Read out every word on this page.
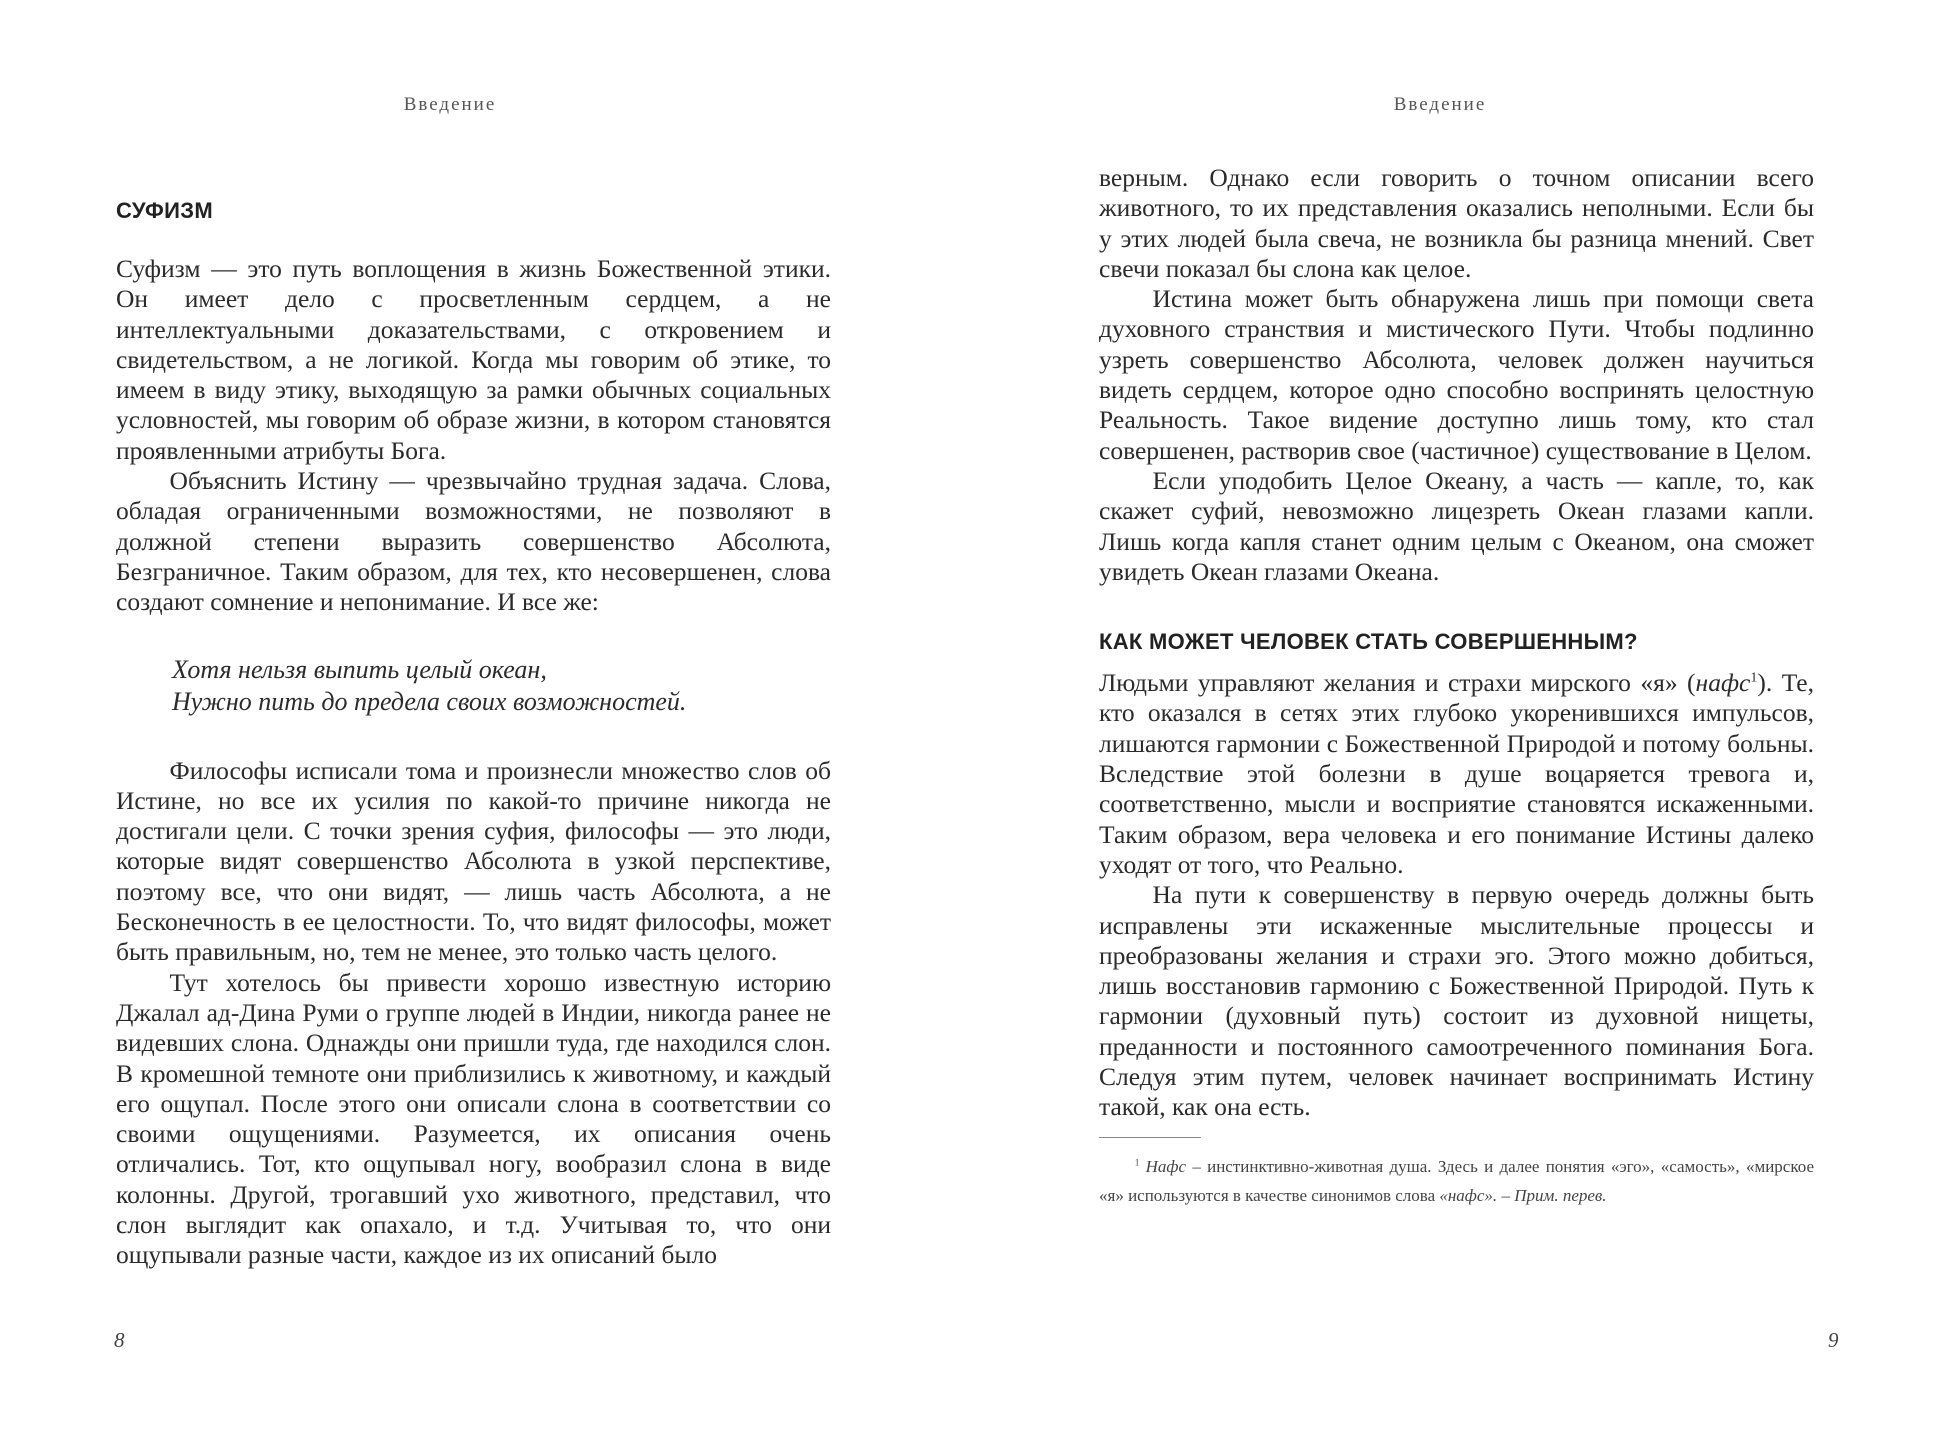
Введение

СУФИЗМ

Суфизм — это путь воплощения в жизнь Божественной этики. Он имеет дело с просветленным сердцем, а не интеллектуальными доказательствами, с откровением и свидетельством, а не логикой. Когда мы говорим об этике, то имеем в виду этику, выходящую за рамки обычных социальных условностей, мы говорим об образе жизни, в котором становятся проявленными атрибуты Бога.

Объяснить Истину — чрезвычайно трудная задача. Слова, обладая ограниченными возможностями, не позволяют в должной степени выразить совершенство Абсолюта, Безграничное. Таким образом, для тех, кто несовершенен, слова создают сомнение и непонимание. И все же:

Хотя нельзя выпить целый океан,
Нужно пить до предела своих возможностей.

Философы исписали тома и произнесли множество слов об Истине, но все их усилия по какой-то причине никогда не достигали цели. С точки зрения суфия, философы — это люди, которые видят совершенство Абсолюта в узкой перспективе, поэтому все, что они видят, — лишь часть Абсолюта, а не Бесконечность в ее целостности. То, что видят философы, может быть правильным, но, тем не менее, это только часть целого.

Тут хотелось бы привести хорошо известную историю Джалал ад-Дина Руми о группе людей в Индии, никогда ранее не видевших слона. Однажды они пришли туда, где находился слон. В кромешной темноте они приблизились к животному, и каждый его ощупал. После этого они описали слона в соответствии со своими ощущениями. Разумеется, их описания очень отличались. Тот, кто ощупывал ногу, вообразил слона в виде колонны. Другой, трогавший ухо животного, представил, что слон выглядит как опахало, и т.д. Учитывая то, что они ощупывали разные части, каждое из их описаний было

8

Введение

верным. Однако если говорить о точном описании всего животного, то их представления оказались неполными. Если бы у этих людей была свеча, не возникла бы разница мнений. Свет свечи показал бы слона как целое.

Истина может быть обнаружена лишь при помощи света духовного странствия и мистического Пути. Чтобы подлинно узреть совершенство Абсолюта, человек должен научиться видеть сердцем, которое одно способно воспринять целостную Реальность. Такое видение доступно лишь тому, кто стал совершенен, растворив свое (частичное) существование в Целом.

Если уподобить Целое Океану, а часть — капле, то, как скажет суфий, невозможно лицезреть Океан глазами капли. Лишь когда капля станет одним целым с Океаном, она сможет увидеть Океан глазами Океана.

КАК МОЖЕТ ЧЕЛОВЕК СТАТЬ СОВЕРШЕННЫМ?

Людьми управляют желания и страхи мирского «я» (нафс$^1$). Те, кто оказался в сетях этих глубоко укоренившихся импульсов, лишаются гармонии с Божественной Природой и потому больны. Вследствие этой болезни в душе воцаряется тревога и, соответственно, мысли и восприятие становятся искаженными. Таким образом, вера человека и его понимание Истины далеко уходят от того, что Реально.

На пути к совершенству в первую очередь должны быть исправлены эти искаженные мыслительные процессы и преобразованы желания и страхи эго. Этого можно добиться, лишь восстановив гармонию с Божественной Природой. Путь к гармонии (духовный путь) состоит из духовной нищеты, преданности и постоянного самоотреченного поминания Бога. Следуя этим путем, человек начинает воспринимать Истину такой, как она есть.

$^1$ Нафс – инстинктивно-животная душа. Здесь и далее понятия «эго», «самость», «мирское «я» используются в качестве синонимов слова «нафс». – Прим. перев.

9
